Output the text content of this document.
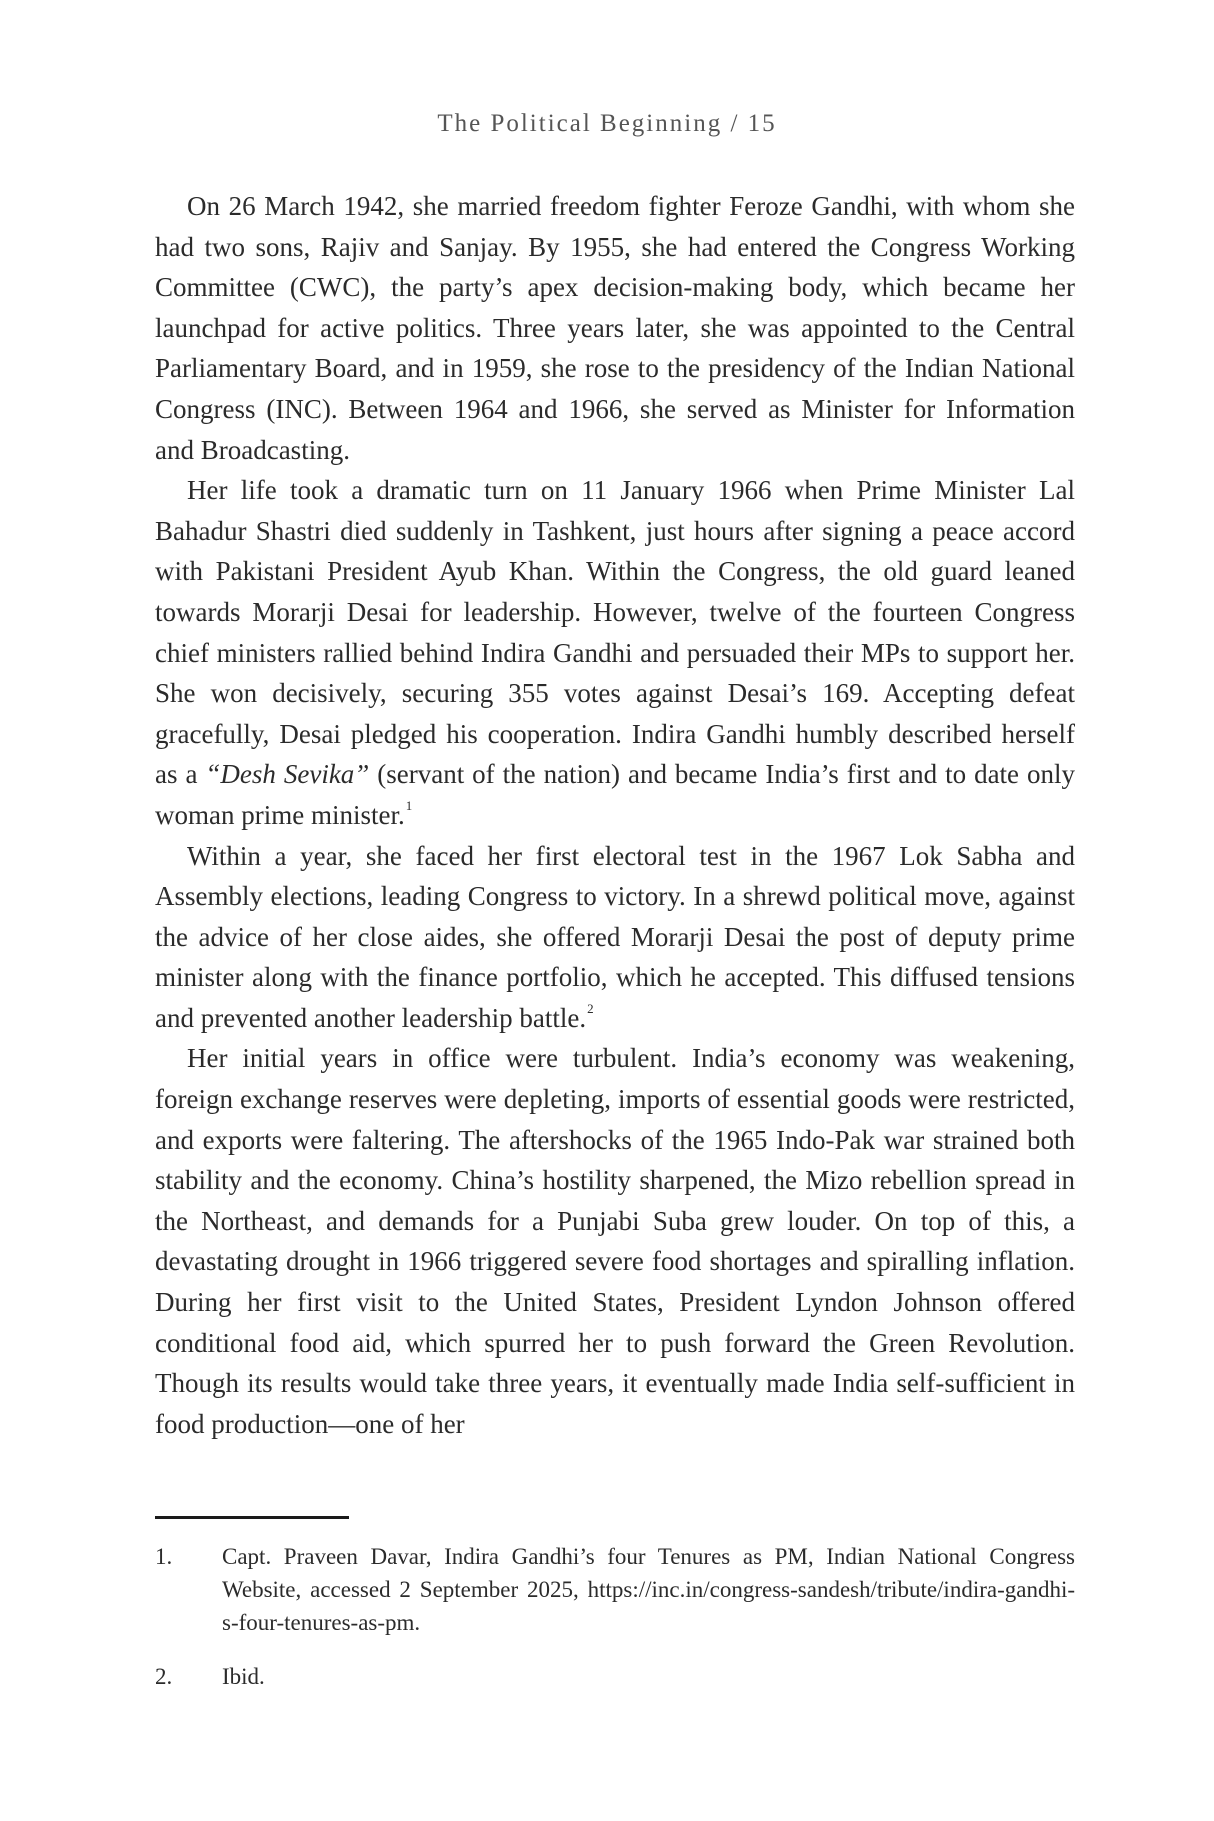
The Political Beginning / 15

On 26 March 1942, she married freedom fighter Feroze Gandhi, with whom she had two sons, Rajiv and Sanjay. By 1955, she had entered the Congress Working Committee (CWC), the party’s apex decision-making body, which became her launchpad for active politics. Three years later, she was appointed to the Central Parliamentary Board, and in 1959, she rose to the presidency of the Indian National Congress (INC). Between 1964 and 1966, she served as Minister for Information and Broadcasting.

Her life took a dramatic turn on 11 January 1966 when Prime Minister Lal Bahadur Shastri died suddenly in Tashkent, just hours after signing a peace accord with Pakistani President Ayub Khan. Within the Congress, the old guard leaned towards Morarji Desai for leadership. However, twelve of the fourteen Congress chief ministers rallied behind Indira Gandhi and persuaded their MPs to support her. She won decisively, securing 355 votes against Desai’s 169. Accepting defeat gracefully, Desai pledged his cooperation. Indira Gandhi humbly described herself as a “Desh Sevika” (servant of the nation) and became India’s first and to date only woman prime minister.$^1$

Within a year, she faced her first electoral test in the 1967 Lok Sabha and Assembly elections, leading Congress to victory. In a shrewd political move, against the advice of her close aides, she offered Morarji Desai the post of deputy prime minister along with the finance portfolio, which he accepted. This diffused tensions and prevented another leadership battle.$^2$

Her initial years in office were turbulent. India’s economy was weakening, foreign exchange reserves were depleting, imports of essential goods were restricted, and exports were faltering. The aftershocks of the 1965 Indo-Pak war strained both stability and the economy. China’s hostility sharpened, the Mizo rebellion spread in the Northeast, and demands for a Punjabi Suba grew louder. On top of this, a devastating drought in 1966 triggered severe food shortages and spiralling inflation. During her first visit to the United States, President Lyndon Johnson offered conditional food aid, which spurred her to push forward the Green Revolution. Though its results would take three years, it eventually made India self-sufficient in food production—one of her

1. Capt. Praveen Davar, Indira Gandhi’s four Tenures as PM, Indian National Congress Website, accessed 2 September 2025, https://inc.in/congress-sandesh/tribute/indira-gandhi-s-four-tenures-as-pm.
2. Ibid.
